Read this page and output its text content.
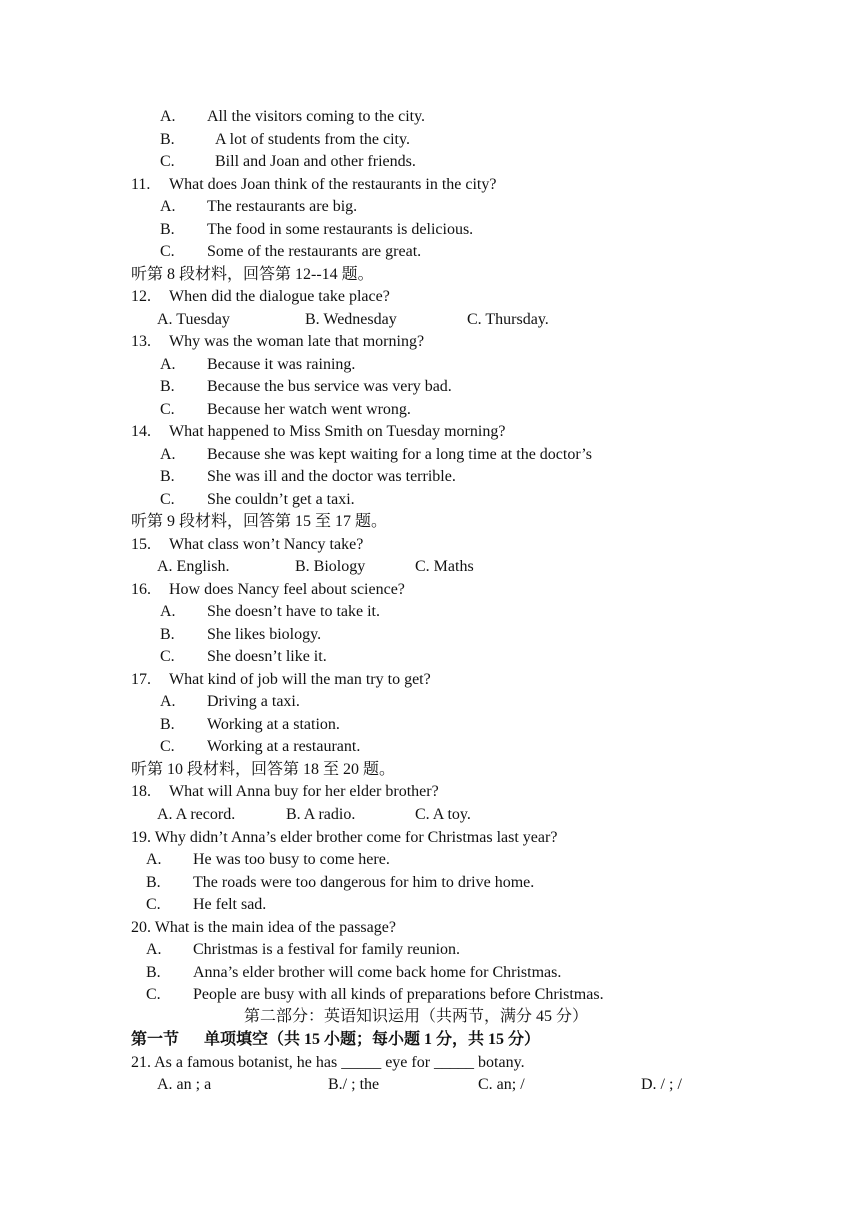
A. All the visitors coming to the city.
B.	A lot of students from the city.
C.	Bill and Joan and other friends.
11. What does Joan think of the restaurants in the city?
A. The restaurants are big.
B. The food in some restaurants is delicious.
C. Some of the restaurants are great.
听第 8 段材料，回答第 12--14 题。
12. When did the dialogue take place?
A. Tuesday	B. Wednesday	C. Thursday.
13. Why was the woman late that morning?
A. Because it was raining.
B. Because the bus service was very bad.
C. Because her watch went wrong.
14. What happened to Miss Smith on Tuesday morning?
A. Because she was kept waiting for a long time at the doctor’s
B. She was ill and the doctor was terrible.
C. She couldn’t get a taxi.
听第 9 段材料，回答第 15 至 17 题。
15. What class won’t Nancy take?
A. English.	B. Biology	C. Maths
16. How does Nancy feel about science?
A. She doesn’t have to take it.
B. She likes biology.
C. She doesn’t like it.
17. What kind of job will the man try to get?
A. Driving a taxi.
B. Working at a station.
C. Working at a restaurant.
听第 10 段材料，回答第 18 至 20 题。
18. What will Anna buy for her elder brother?
A. A record.	B. A radio.	C. A toy.
19. Why didn’t Anna’s elder brother come for Christmas last year?
A. He was too busy to come here.
B. The roads were too dangerous for him to drive home.
C. He felt sad.
20. What is the main idea of the passage?
A. Christmas is a festival for family reunion.
B. Anna’s elder brother will come back home for Christmas.
C. People are busy with all kinds of preparations before Christmas.
第二部分：英语知识运用（共两节，满分 45 分）
第一节 单项填空（共 15 小题；每小题 1 分，共 15 分）
21. As a famous botanist, he has _____ eye for _____ botany.
A. an ; a	B./ ; the	C. an; /	D. / ; /
